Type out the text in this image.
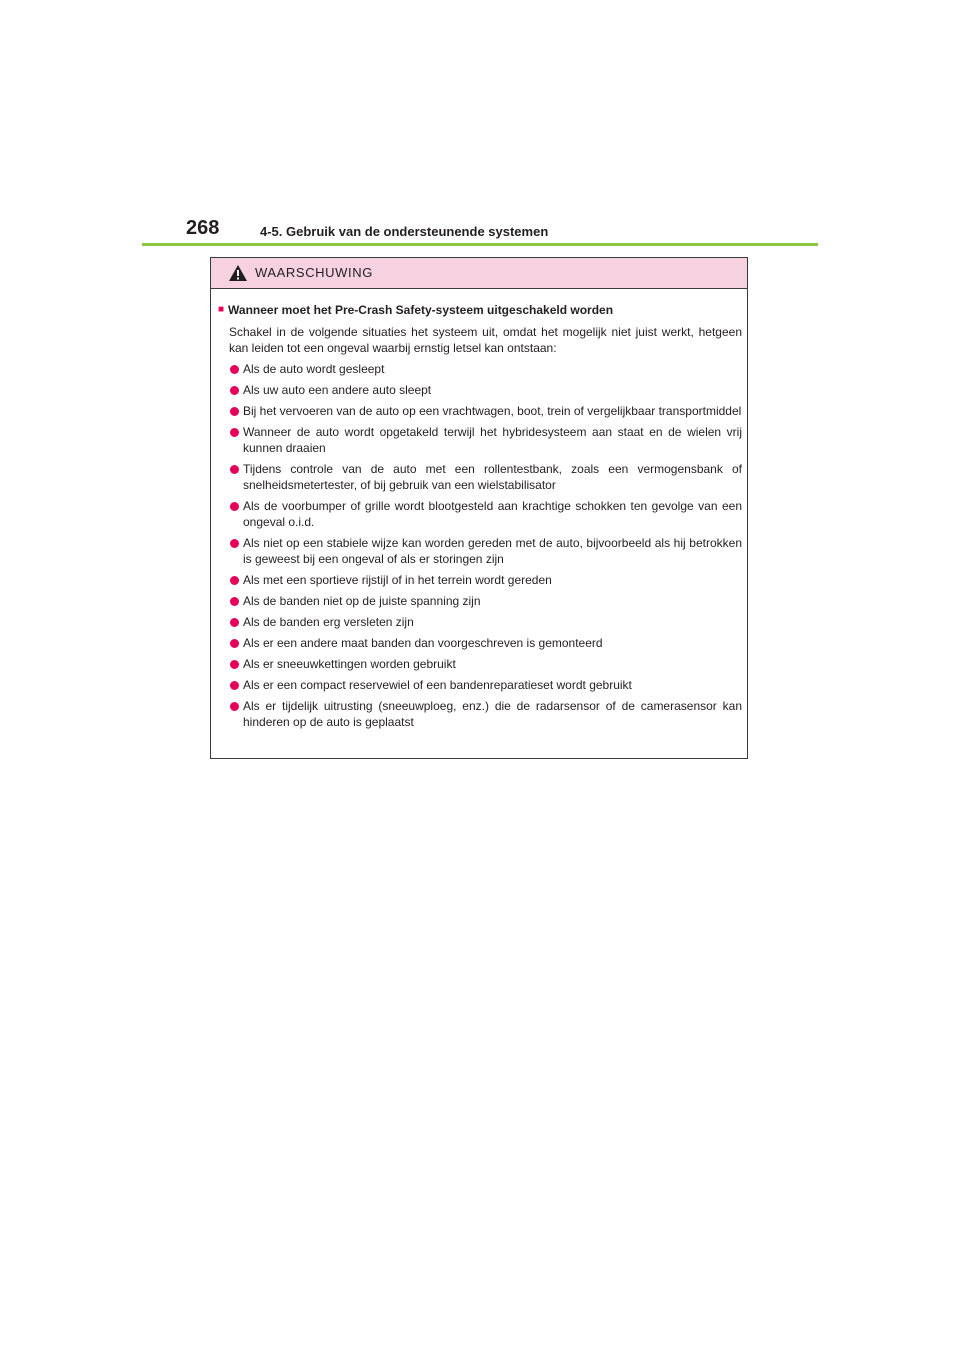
268	4-5. Gebruik van de ondersteunende systemen
WAARSCHUWING
■ Wanneer moet het Pre-Crash Safety-systeem uitgeschakeld worden
Schakel in de volgende situaties het systeem uit, omdat het mogelijk niet juist werkt, hetgeen kan leiden tot een ongeval waarbij ernstig letsel kan ontstaan:
Als de auto wordt gesleept
Als uw auto een andere auto sleept
Bij het vervoeren van de auto op een vrachtwagen, boot, trein of vergelijkbaar transportmiddel
Wanneer de auto wordt opgetakeld terwijl het hybridesysteem aan staat en de wielen vrij kunnen draaien
Tijdens controle van de auto met een rollentestbank, zoals een vermogensbank of snelheidsmetertester, of bij gebruik van een wielstabilisator
Als de voorbumper of grille wordt blootgesteld aan krachtige schokken ten gevolge van een ongeval o.i.d.
Als niet op een stabiele wijze kan worden gereden met de auto, bijvoorbeeld als hij betrokken is geweest bij een ongeval of als er storingen zijn
Als met een sportieve rijstijl of in het terrein wordt gereden
Als de banden niet op de juiste spanning zijn
Als de banden erg versleten zijn
Als er een andere maat banden dan voorgeschreven is gemonteerd
Als er sneeuwkettingen worden gebruikt
Als er een compact reservewiel of een bandenreparatieset wordt gebruikt
Als er tijdelijk uitrusting (sneeuwploeg, enz.) die de radarsensor of de camerasensor kan hinderen op de auto is geplaatst
